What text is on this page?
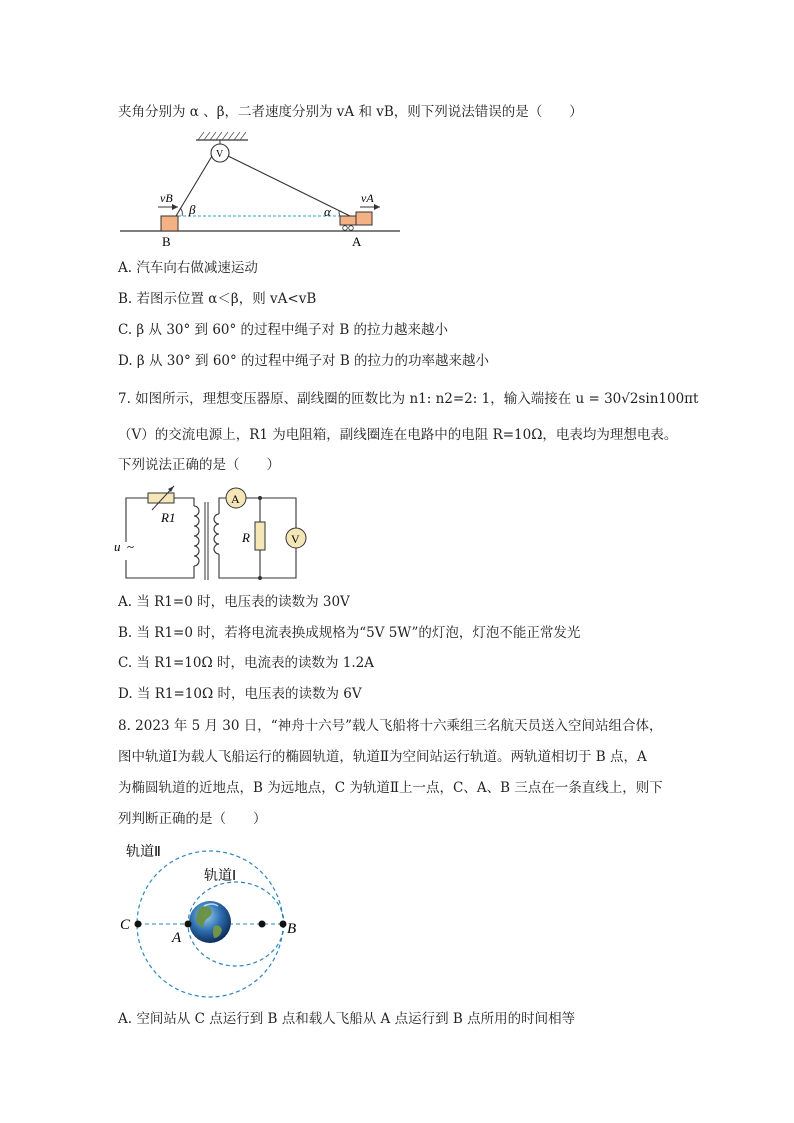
夹角分别为 α 、β，二者速度分别为 vA 和 vB，则下列说法错误的是（　　）
V
vB	vA
β	α
B	A
A. 汽车向右做减速运动
B. 若图示位置 α＜β，则 vA<vB
C. β 从 30° 到 60° 的过程中绳子对 B 的拉力越来越小
D. β 从 30° 到 60° 的过程中绳子对 B 的拉力的功率越来越小
7. 如图所示，理想变压器原、副线圈的匝数比为 n1: n2=2: 1，输入端接在 u = 30√2sin100πt
（V）的交流电源上，R1 为电阻箱，副线圈连在电路中的电阻 R=10Ω，电表均为理想电表。
下列说法正确的是（　　）
u ~
R1
A
R	V
A. 当 R1=0 时，电压表的读数为 30V
B. 当 R1=0 时，若将电流表换成规格为“5V 5W”的灯泡，灯泡不能正常发光
C. 当 R1=10Ω 时，电流表的读数为 1.2A
D. 当 R1=10Ω 时，电压表的读数为 6V
8. 2023 年 5 月 30 日，“神舟十六号”载人飞船将十六乘组三名航天员送入空间站组合体，
图中轨道Ⅰ为载人飞船运行的椭圆轨道，轨道Ⅱ为空间站运行轨道。两轨道相切于 B 点，A
为椭圆轨道的近地点，B 为远地点，C 为轨道Ⅱ上一点，C、A、B 三点在一条直线上，则下
列判断正确的是（　　）
轨道Ⅱ
轨道Ⅰ
C
A
B
A. 空间站从 C 点运行到 B 点和载人飞船从 A 点运行到 B 点所用的时间相等
